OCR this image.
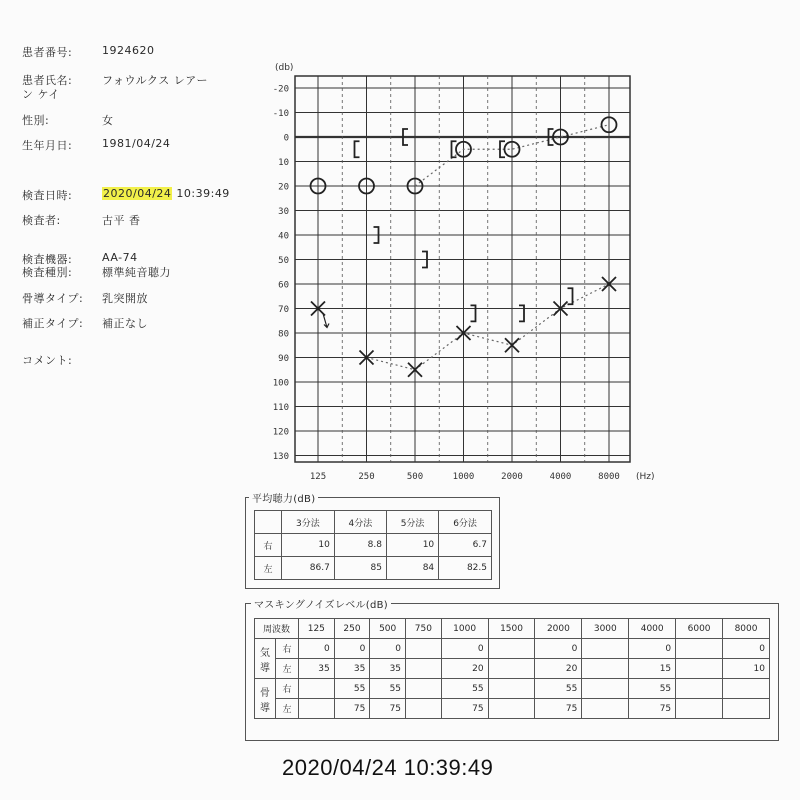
患者番号:	1924620
患者氏名:	フォウルクス レアー
ン ケイ
性別:	女
生年月日:	1981/04/24
検査日時:	2020/04/24 10:39:49
検査者:	古平 香
検査機器:	AA-74
検査種別:	標準純音聴力
骨導タイプ: 乳突開放
補正タイプ: 補正なし
コメント:
-20
-10
0
10
20
30
40
50
60
70
80
90
100
110
120
130
125	250	500	1000	2000	4000	8000
(db)
(Hz)
平均聴力(dB)
	3分法	4分法	5分法	6分法
右	10	8.8	10	6.7
左	86.7	85	84	82.5
マスキングノイズレベル(dB)
周波数		125	250	500	750	1000	1500	2000	3000	4000	6000	8000
気
導	右	0	0	0		0		0		0		0
	左	35	35	35		20		20		15		10
骨
導	右		55	55		55		55		55		
	左		75	75		75		75		75		
2020/04/24 10:39:49
